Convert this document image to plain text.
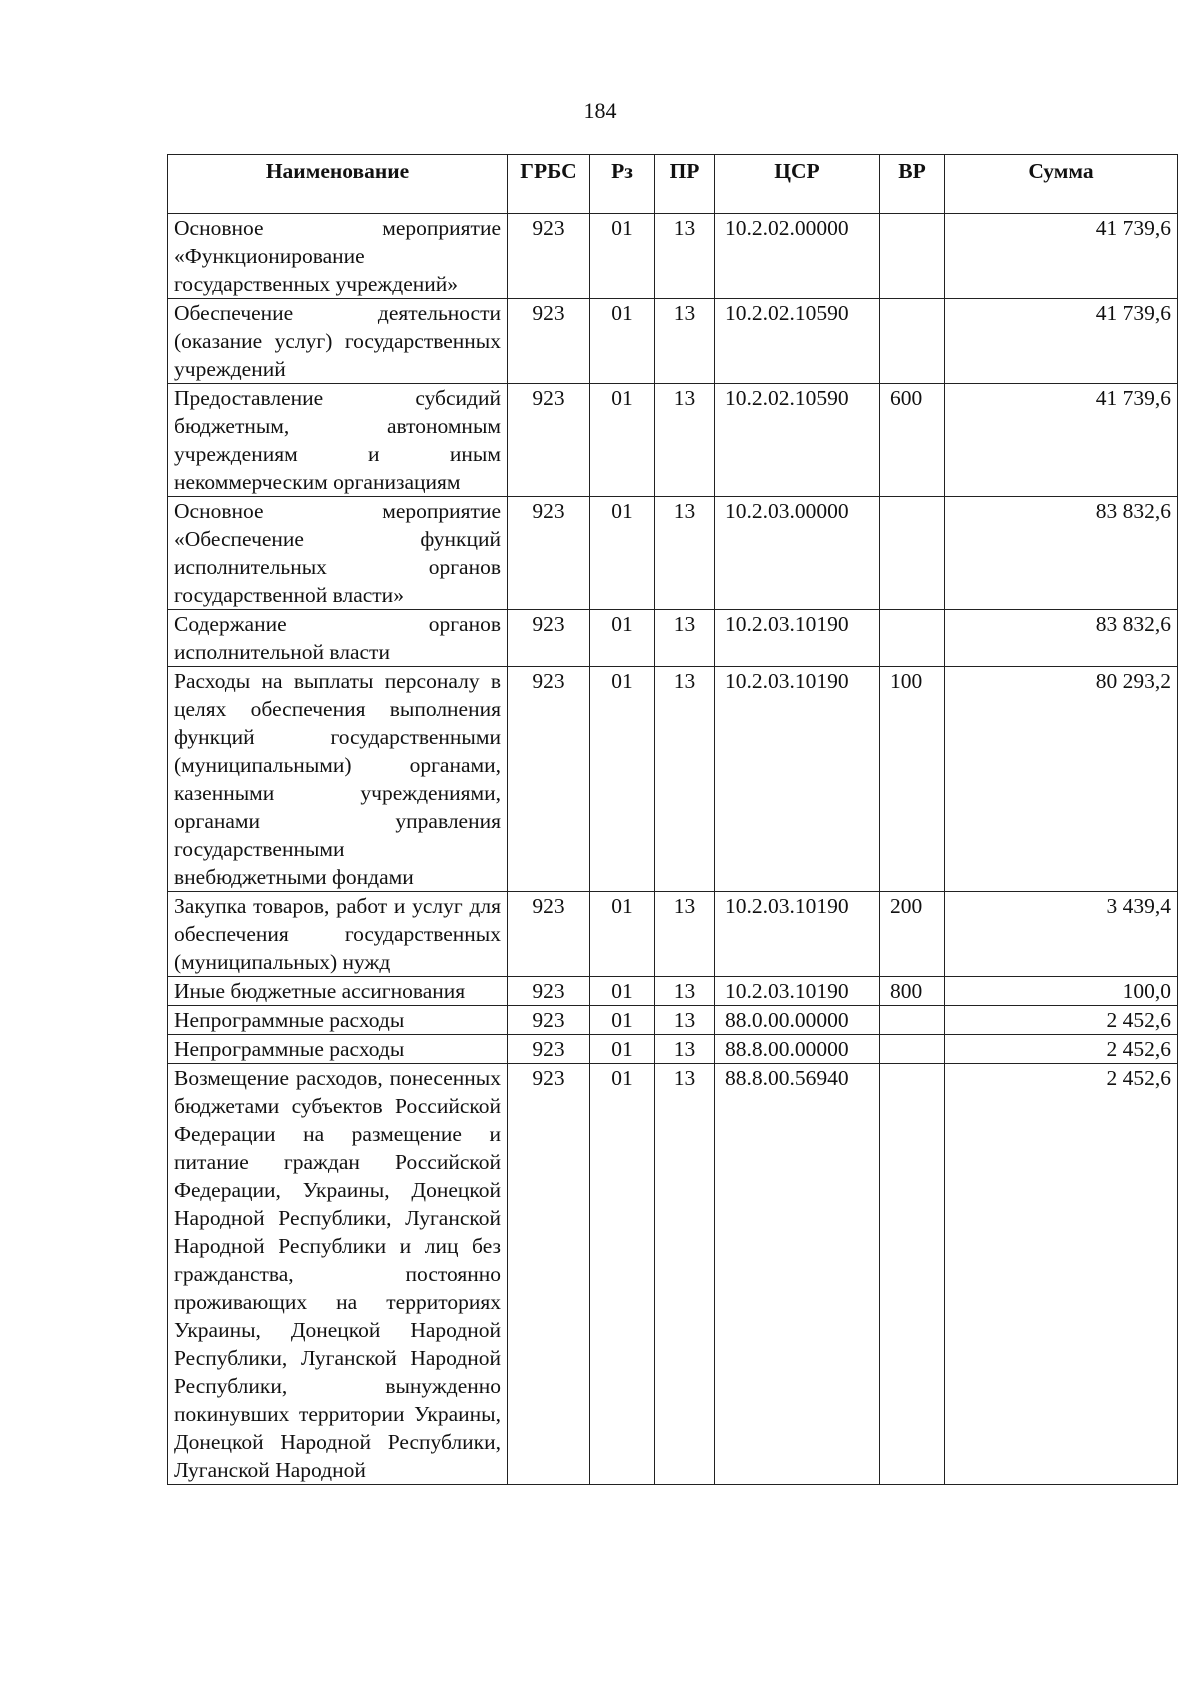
184
Наименование	ГРБС	Рз	ПР	ЦСР	ВР	Сумма
Основное мероприятие «Функционирование государственных учреждений»	923	01	13	10.2.02.00000		41 739,6
Обеспечение деятельности (оказание услуг) государственных учреждений	923	01	13	10.2.02.10590		41 739,6
Предоставление субсидий бюджетным, автономным учреждениям и иным некоммерческим организациям	923	01	13	10.2.02.10590	600	41 739,6
Основное мероприятие «Обеспечение функций исполнительных органов государственной власти»	923	01	13	10.2.03.00000		83 832,6
Содержание органов исполнительной власти	923	01	13	10.2.03.10190		83 832,6
Расходы на выплаты персоналу в целях обеспечения выполнения функций государственными (муниципальными) органами, казенными учреждениями, органами управления государственными внебюджетными фондами	923	01	13	10.2.03.10190	100	80 293,2
Закупка товаров, работ и услуг для обеспечения государственных (муниципальных) нужд	923	01	13	10.2.03.10190	200	3 439,4
Иные бюджетные ассигнования	923	01	13	10.2.03.10190	800	100,0
Непрограммные расходы	923	01	13	88.0.00.00000		2 452,6
Непрограммные расходы	923	01	13	88.8.00.00000		2 452,6
Возмещение расходов, понесенных бюджетами субъектов Российской Федерации на размещение и питание граждан Российской Федерации, Украины, Донецкой Народной Республики, Луганской Народной Республики и лиц без гражданства, постоянно проживающих на территориях Украины, Донецкой Народной Республики, Луганской Народной Республики, вынужденно покинувших территории Украины, Донецкой Народной Республики, Луганской Народной	923	01	13	88.8.00.56940		2 452,6
